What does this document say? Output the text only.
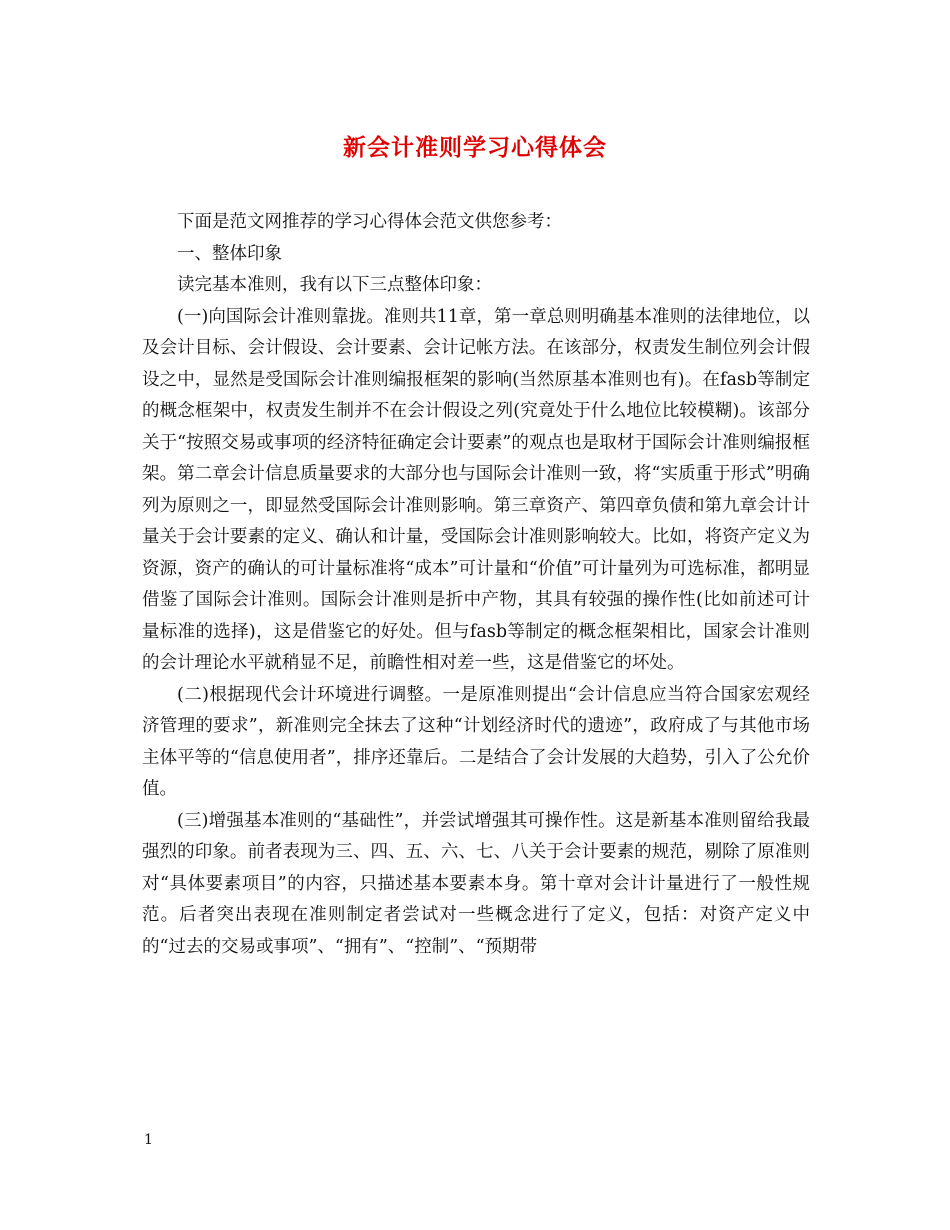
新会计准则学习心得体会

下面是范文网推荐的学习心得体会范文供您参考：

一、整体印象

读完基本准则，我有以下三点整体印象：

(一)向国际会计准则靠拢。准则共11章，第一章总则明确基本准则的法律地位，以及会计目标、会计假设、会计要素、会计记帐方法。在该部分，权责发生制位列会计假设之中，显然是受国际会计准则编报框架的影响(当然原基本准则也有)。在fasb等制定的概念框架中，权责发生制并不在会计假设之列(究竟处于什么地位比较模糊)。该部分关于“按照交易或事项的经济特征确定会计要素”的观点也是取材于国际会计准则编报框架。第二章会计信息质量要求的大部分也与国际会计准则一致，将“实质重于形式”明确列为原则之一，即显然受国际会计准则影响。第三章资产、第四章负债和第九章会计计量关于会计要素的定义、确认和计量，受国际会计准则影响较大。比如，将资产定义为资源，资产的确认的可计量标准将“成本”可计量和“价值”可计量列为可选标准，都明显借鉴了国际会计准则。国际会计准则是折中产物，其具有较强的操作性(比如前述可计量标准的选择)，这是借鉴它的好处。但与fasb等制定的概念框架相比，国家会计准则的会计理论水平就稍显不足，前瞻性相对差一些，这是借鉴它的坏处。

(二)根据现代会计环境进行调整。一是原准则提出“会计信息应当符合国家宏观经济管理的要求”，新准则完全抹去了这种“计划经济时代的遗迹”，政府成了与其他市场主体平等的“信息使用者”，排序还靠后。二是结合了会计发展的大趋势，引入了公允价值。

(三)增强基本准则的“基础性”，并尝试增强其可操作性。这是新基本准则留给我最强烈的印象。前者表现为三、四、五、六、七、八关于会计要素的规范，剔除了原准则对“具体要素项目”的内容，只描述基本要素本身。第十章对会计计量进行了一般性规范。后者突出表现在准则制定者尝试对一些概念进行了定义，包括：对资产定义中的“过去的交易或事项”、“拥有”、“控制”、“预期带

1
